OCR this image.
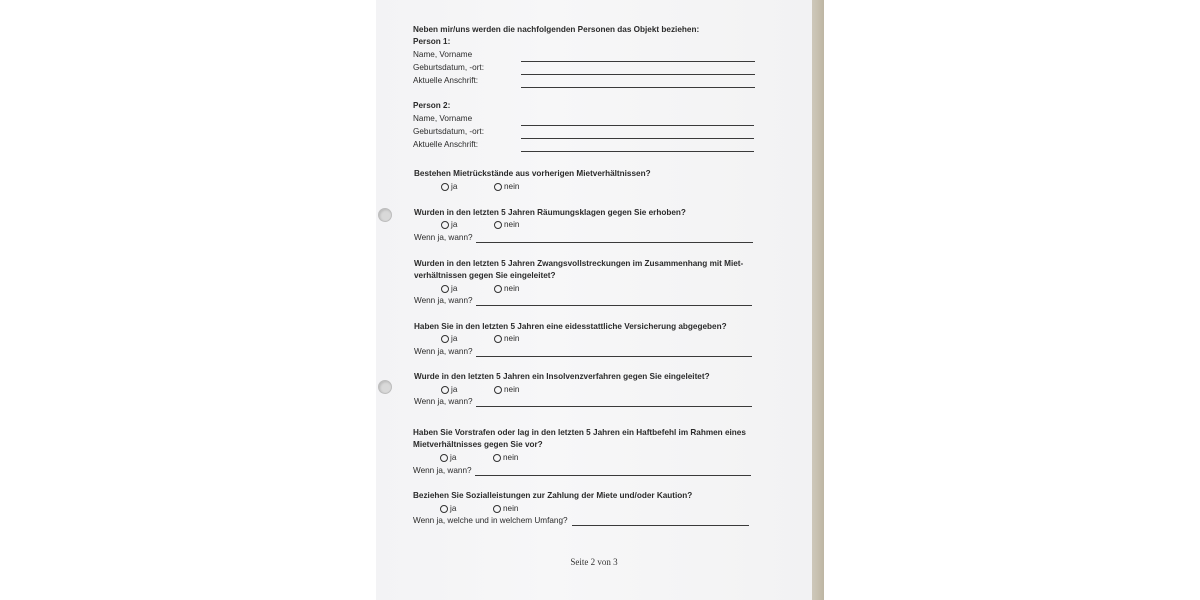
Neben mir/uns werden die nachfolgenden Personen das Objekt beziehen:
Person 1:
Name, Vorname
Geburtsdatum, -ort:
Aktuelle Anschrift:
Person 2:
Name, Vorname
Geburtsdatum, -ort:
Aktuelle Anschrift:
Bestehen Mietrückstände aus vorherigen Mietverhältnissen?
ja	nein
Wurden in den letzten 5 Jahren Räumungsklagen gegen Sie erhoben?
ja	nein
Wenn ja, wann?
Wurden in den letzten 5 Jahren Zwangsvollstreckungen im Zusammenhang mit Miet-
verhältnissen gegen Sie eingeleitet?
ja	nein
Wenn ja, wann?
Haben Sie in den letzten 5 Jahren eine eidesstattliche Versicherung abgegeben?
ja	nein
Wenn ja, wann?
Wurde in den letzten 5 Jahren ein Insolvenzverfahren gegen Sie eingeleitet?
ja	nein
Wenn ja, wann?
Haben Sie Vorstrafen oder lag in den letzten 5 Jahren ein Haftbefehl im Rahmen eines
Mietverhältnisses gegen Sie vor?
ja	nein
Wenn ja, wann?
Beziehen Sie Sozialleistungen zur Zahlung der Miete und/oder Kaution?
ja	nein
Wenn ja, welche und in welchem Umfang?
Seite 2 von 3
